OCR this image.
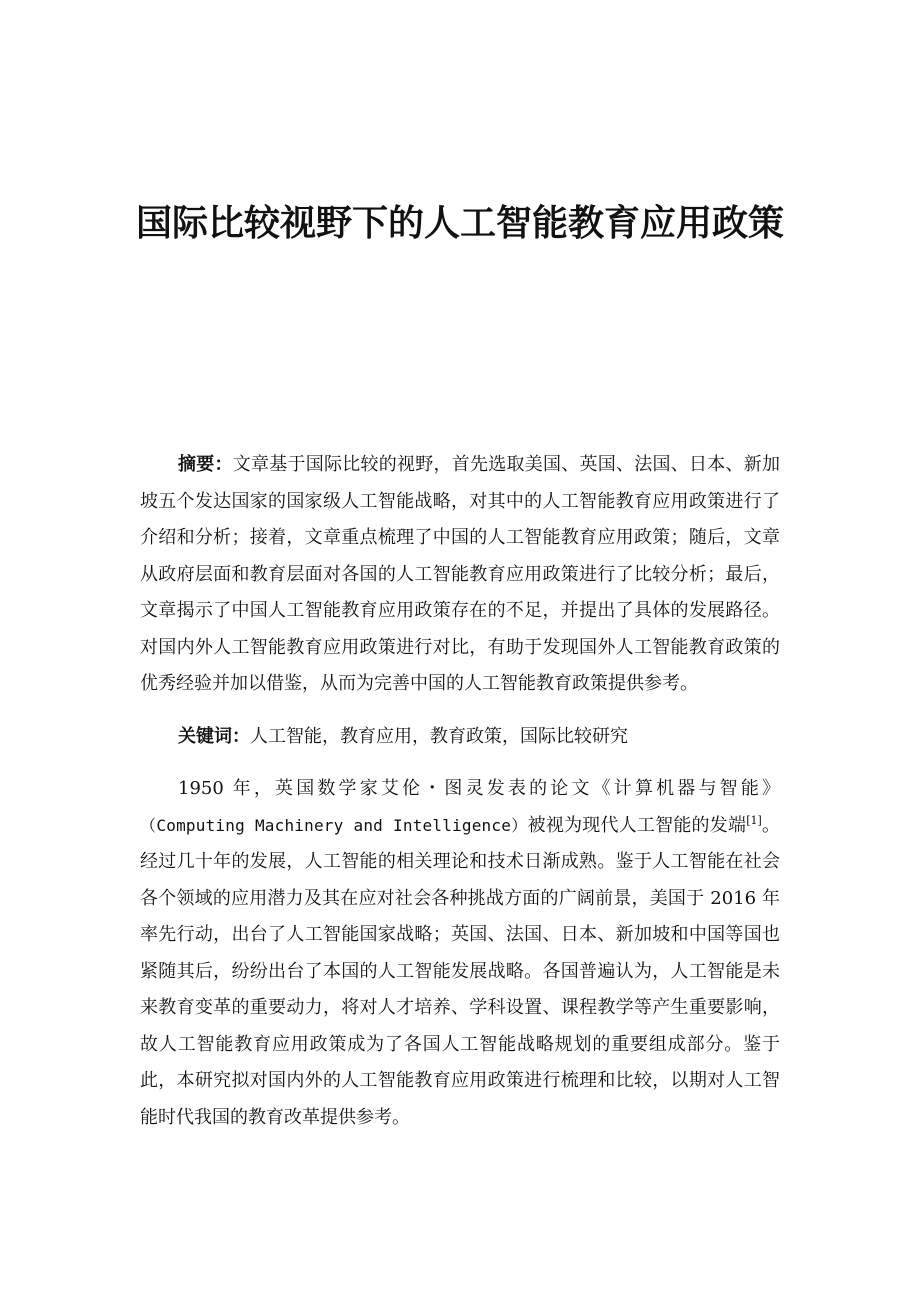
国际比较视野下的人工智能教育应用政策

摘要：文章基于国际比较的视野，首先选取美国、英国、法国、日本、新加坡五个发达国家的国家级人工智能战略，对其中的人工智能教育应用政策进行了介绍和分析；接着，文章重点梳理了中国的人工智能教育应用政策；随后，文章从政府层面和教育层面对各国的人工智能教育应用政策进行了比较分析；最后，文章揭示了中国人工智能教育应用政策存在的不足，并提出了具体的发展路径。对国内外人工智能教育应用政策进行对比，有助于发现国外人工智能教育政策的优秀经验并加以借鉴，从而为完善中国的人工智能教育政策提供参考。

关键词：人工智能，教育应用，教育政策，国际比较研究

1950 年，英国数学家艾伦・图灵发表的论文《计算机器与智能》（Computing Machinery and Intelligence）被视为现代人工智能的发端[1]。经过几十年的发展，人工智能的相关理论和技术日渐成熟。鉴于人工智能在社会各个领域的应用潜力及其在应对社会各种挑战方面的广阔前景，美国于 2016 年率先行动，出台了人工智能国家战略；英国、法国、日本、新加坡和中国等国也紧随其后，纷纷出台了本国的人工智能发展战略。各国普遍认为，人工智能是未来教育变革的重要动力，将对人才培养、学科设置、课程教学等产生重要影响，故人工智能教育应用政策成为了各国人工智能战略规划的重要组成部分。鉴于此，本研究拟对国内外的人工智能教育应用政策进行梳理和比较，以期对人工智能时代我国的教育改革提供参考。
